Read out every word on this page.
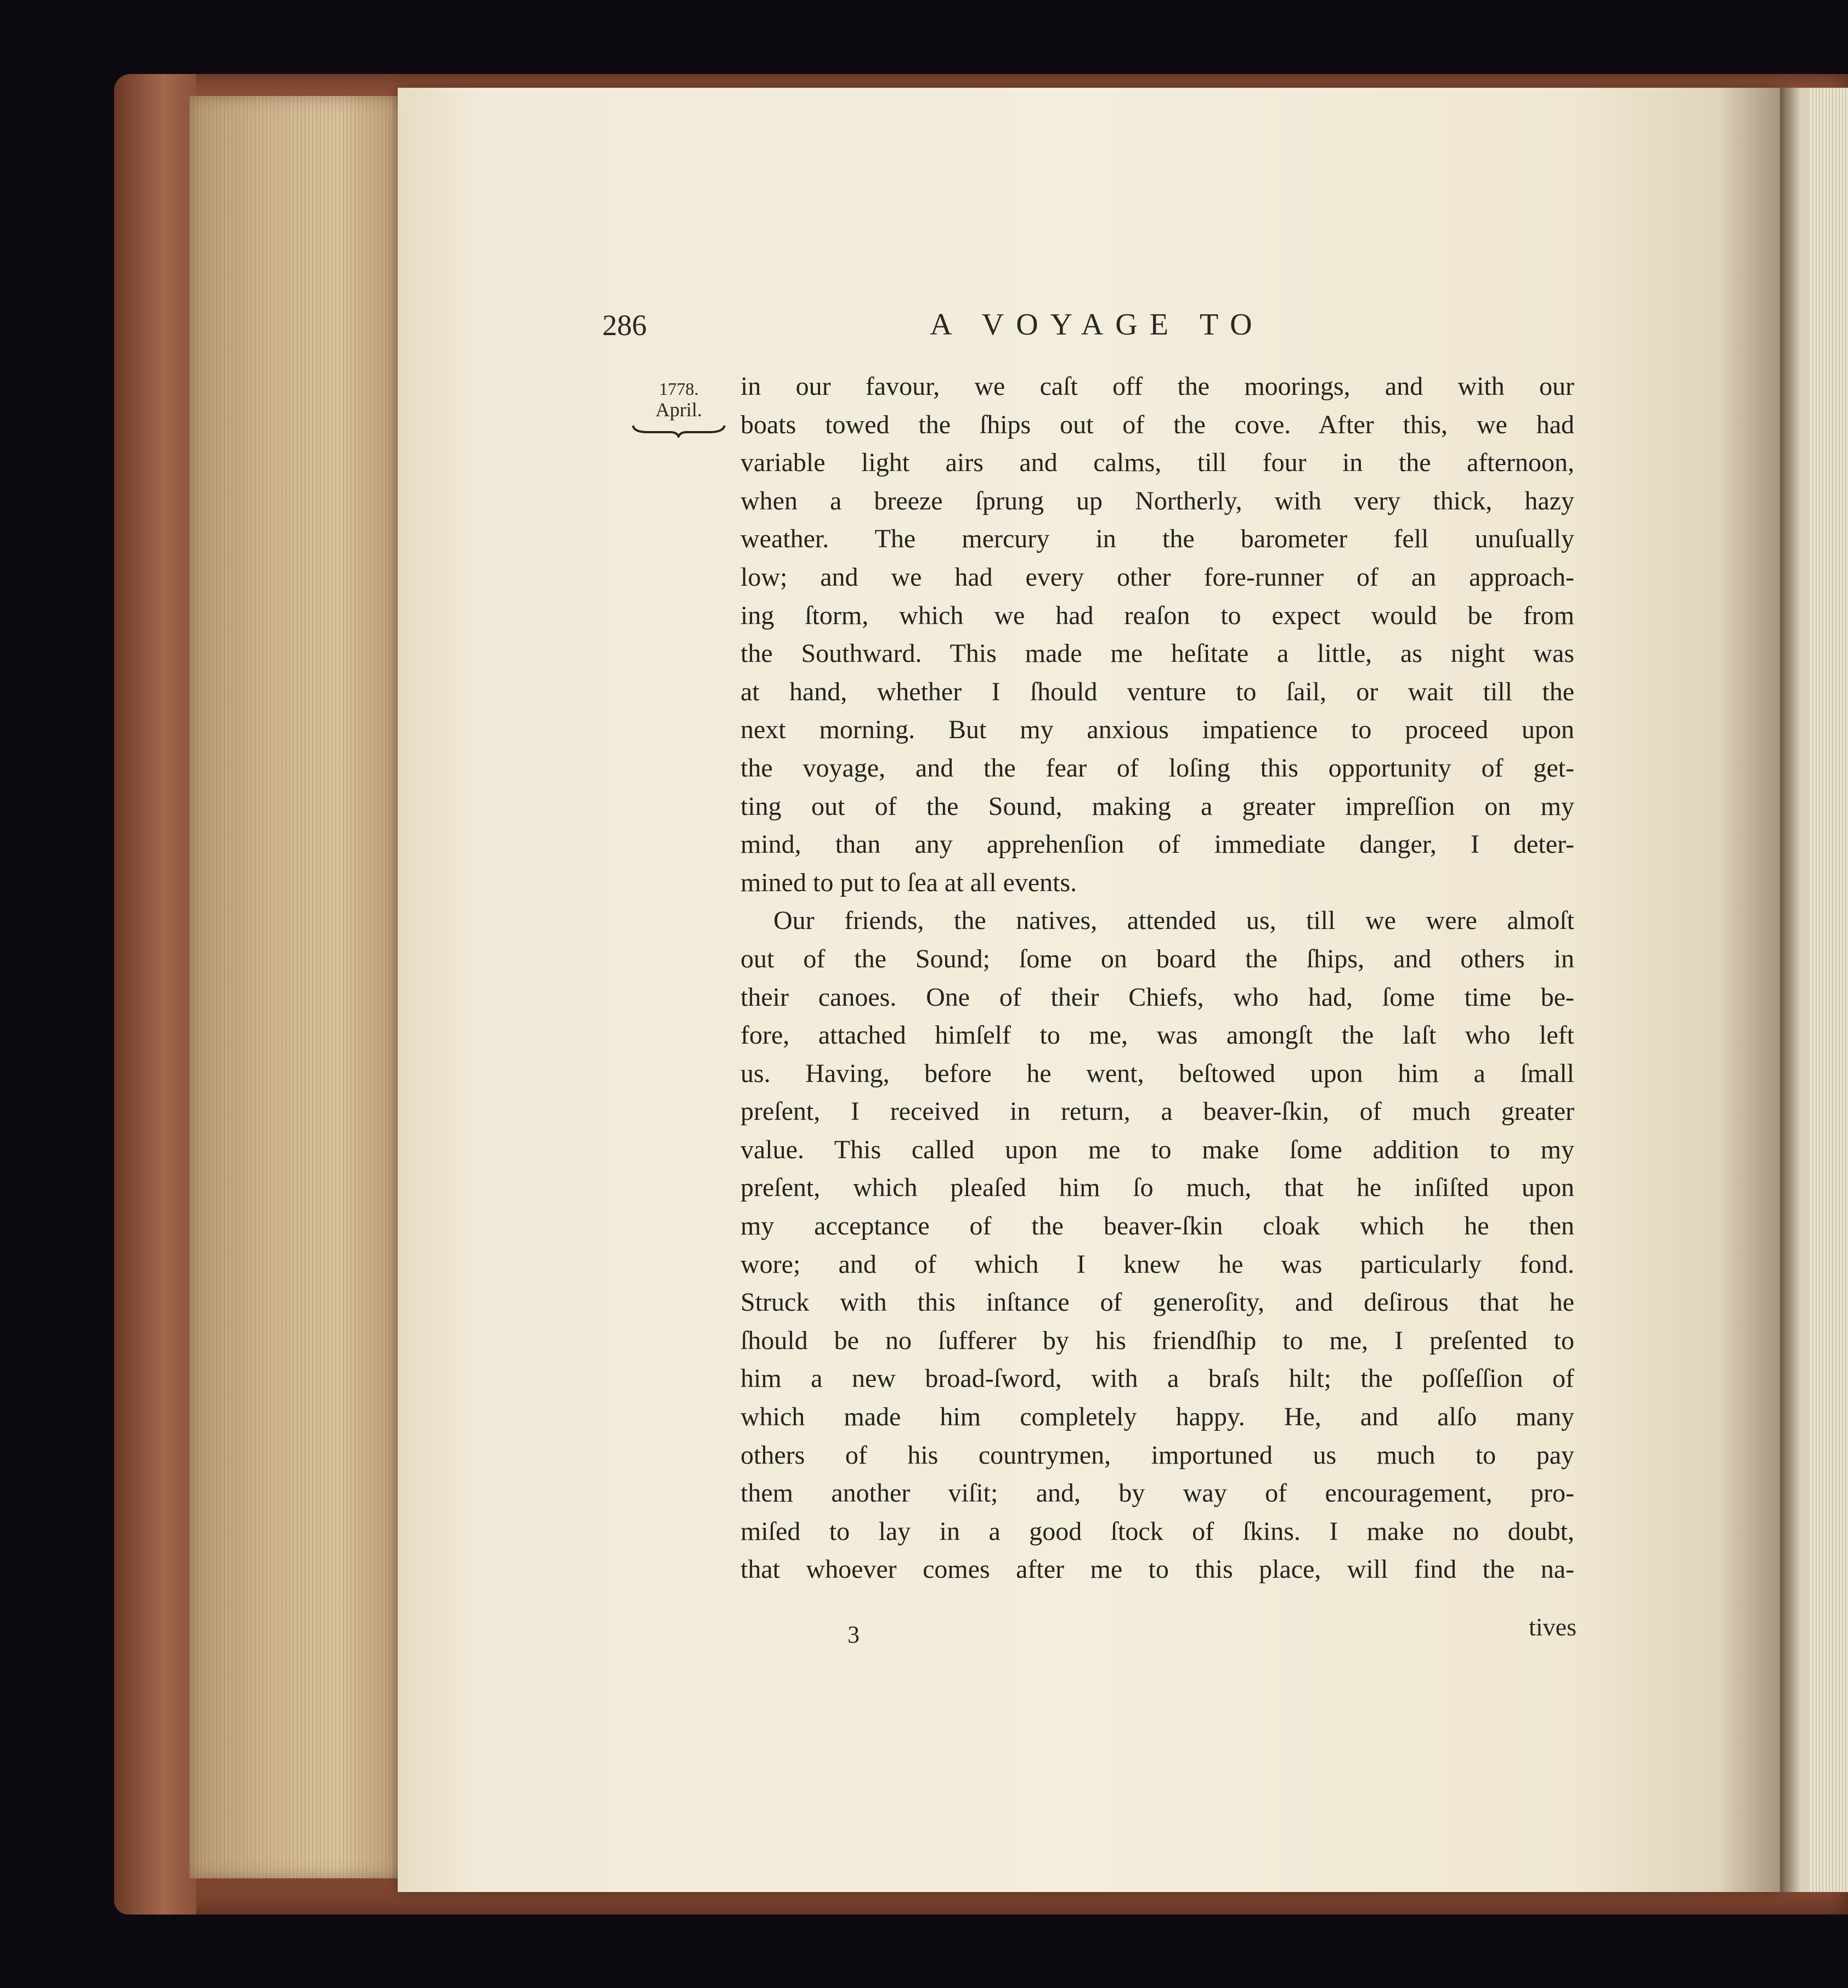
286	A VOYAGE TO
1778.
April.
in our favour, we caſt off the moorings, and with our
boats towed the ſhips out of the cove. After this, we had
variable light airs and calms, till four in the afternoon,
when a breeze ſprung up Northerly, with very thick, hazy
weather. The mercury in the barometer fell unuſually
low; and we had every other fore-runner of an approach-
ing ſtorm, which we had reaſon to expect would be from
the Southward. This made me heſitate a little, as night was
at hand, whether I ſhould venture to ſail, or wait till the
next morning. But my anxious impatience to proceed upon
the voyage, and the fear of loſing this opportunity of get-
ting out of the Sound, making a greater impreſſion on my
mind, than any apprehenſion of immediate danger, I deter-
mined to put to ſea at all events.
Our friends, the natives, attended us, till we were almoſt
out of the Sound; ſome on board the ſhips, and others in
their canoes. One of their Chiefs, who had, ſome time be-
fore, attached himſelf to me, was amongſt the laſt who left
us. Having, before he went, beſtowed upon him a ſmall
preſent, I received in return, a beaver-ſkin, of much greater
value. This called upon me to make ſome addition to my
preſent, which pleaſed him ſo much, that he inſiſted upon
my acceptance of the beaver-ſkin cloak which he then
wore; and of which I knew he was particularly fond.
Struck with this inſtance of generoſity, and deſirous that he
ſhould be no ſufferer by his friendſhip to me, I preſented to
him a new broad-ſword, with a braſs hilt; the poſſeſſion of
which made him completely happy. He, and alſo many
others of his countrymen, importuned us much to pay
them another viſit; and, by way of encouragement, pro-
miſed to lay in a good ſtock of ſkins. I make no doubt,
that whoever comes after me to this place, will find the na-
3	tives
